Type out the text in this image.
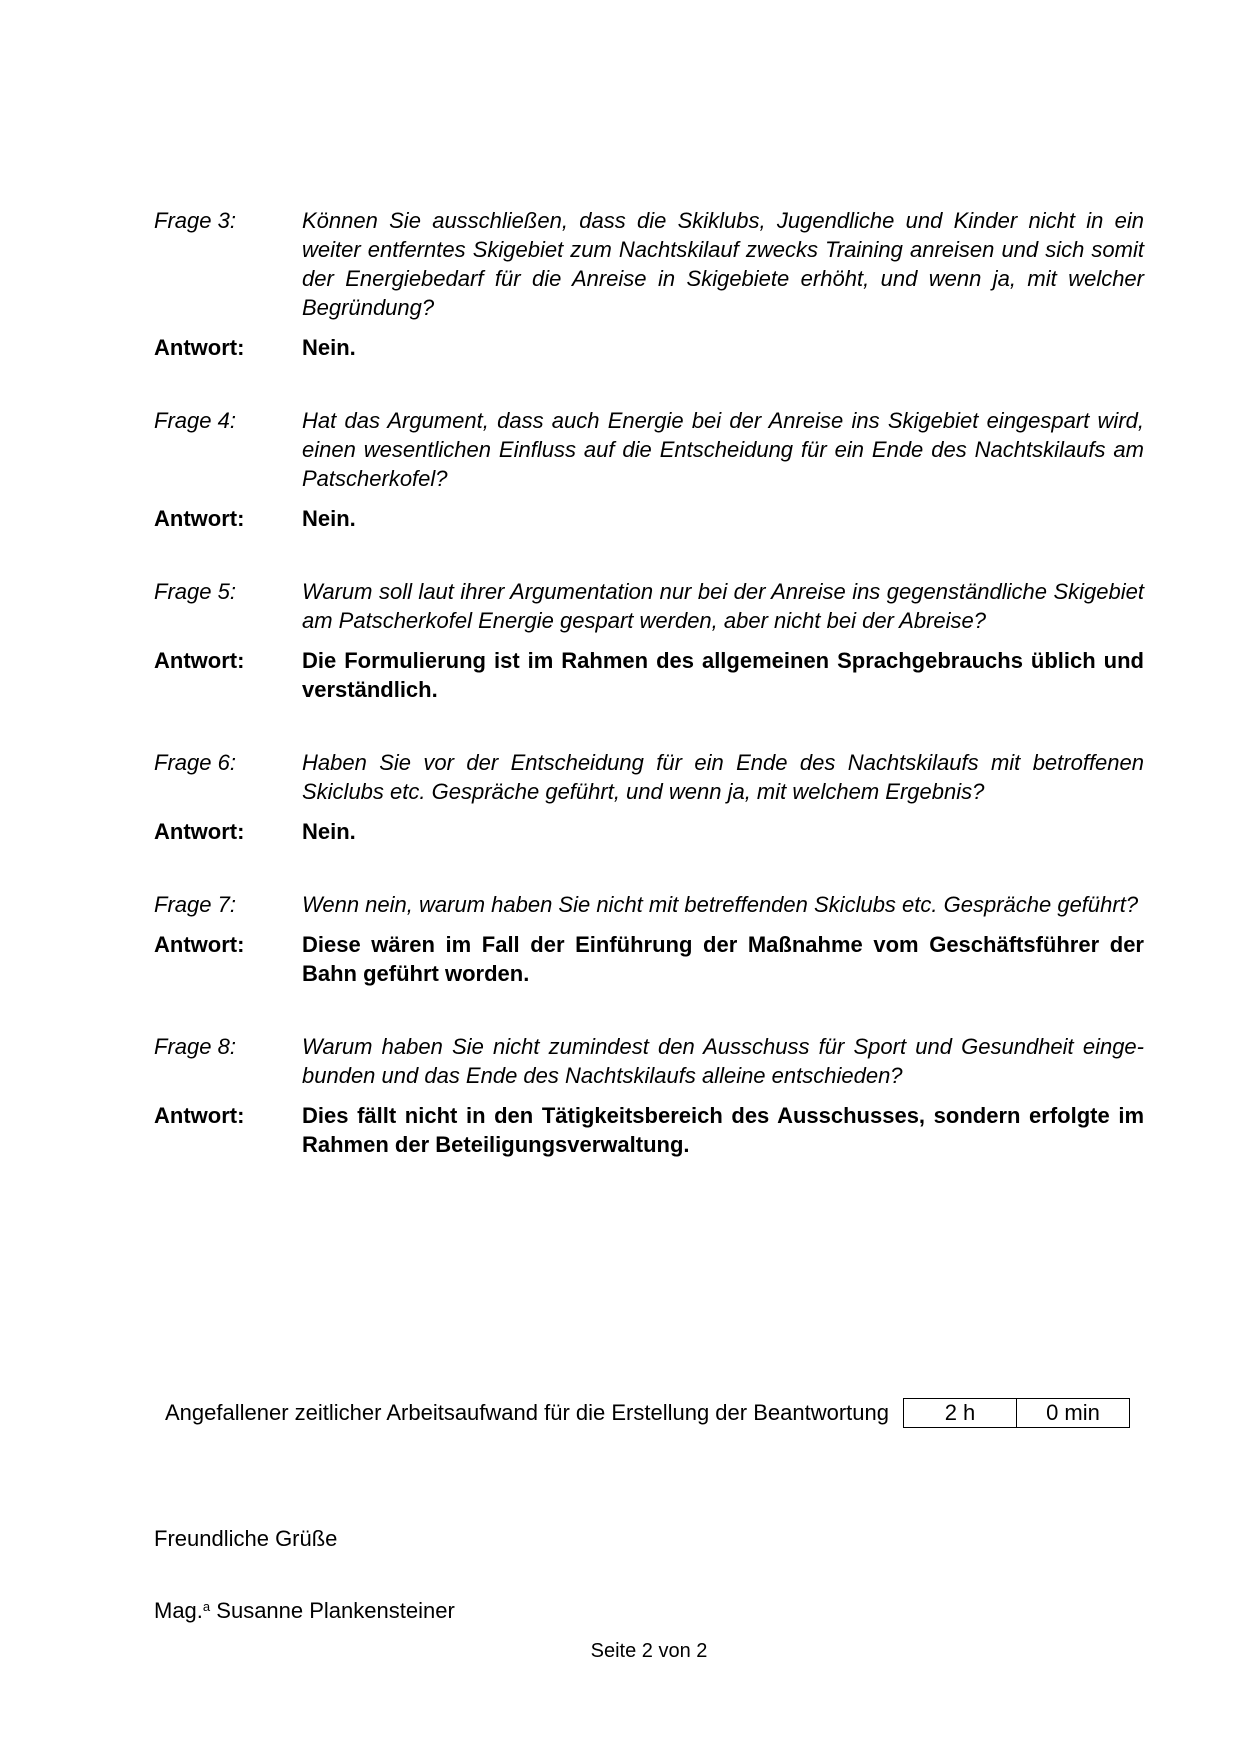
Frage 3:	Können Sie ausschließen, dass die Skiklubs, Jugendliche und Kinder nicht in ein weiter entferntes Skigebiet zum Nachtskilauf zwecks Training anreisen und sich somit der Energiebedarf für die Anreise in Skigebiete erhöht, und wenn ja, mit welcher Begründung?
Antwort:	Nein.
Frage 4:	Hat das Argument, dass auch Energie bei der Anreise ins Skigebiet eingespart wird, einen wesentlichen Einfluss auf die Entscheidung für ein Ende des Nachtskilaufs am Patscherkofel?
Antwort:	Nein.
Frage 5:	Warum soll laut ihrer Argumentation nur bei der Anreise ins gegenständliche Skigebiet am Patscherkofel Energie gespart werden, aber nicht bei der Abreise?
Antwort:	Die Formulierung ist im Rahmen des allgemeinen Sprachgebrauchs üblich und verständlich.
Frage 6:	Haben Sie vor der Entscheidung für ein Ende des Nachtskilaufs mit betroffenen Skiclubs etc. Gespräche geführt, und wenn ja, mit welchem Ergebnis?
Antwort:	Nein.
Frage 7:	Wenn nein, warum haben Sie nicht mit betreffenden Skiclubs etc. Gespräche geführt?
Antwort:	Diese wären im Fall der Einführung der Maßnahme vom Geschäftsführer der Bahn geführt worden.
Frage 8:	Warum haben Sie nicht zumindest den Ausschuss für Sport und Gesundheit eingebunden und das Ende des Nachtskilaufs alleine entschieden?
Antwort:	Dies fällt nicht in den Tätigkeitsbereich des Ausschusses, sondern erfolgte im Rahmen der Beteiligungsverwaltung.
Angefallener zeitlicher Arbeitsaufwand für die Erstellung der Beantwortung	2 h	0 min
Freundliche Grüße
Mag.$^a$ Susanne Plankensteiner
Seite 2 von 2
